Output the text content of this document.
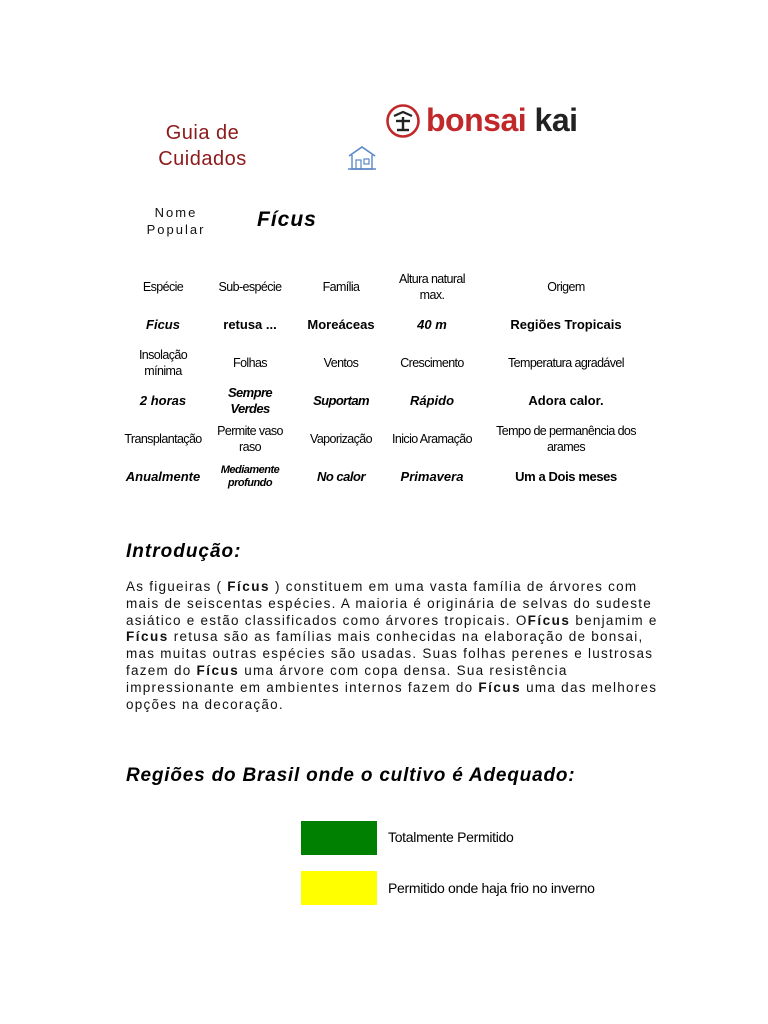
Guia de
Cuidados
bonsai kai
Nome
Popular	Fícus
Espécie	Sub-espécie	Família	Altura natural max.	Origem
Ficus	retusa ...	Moreáceas	40 m	Regiões Tropicais
Insolação mínima	Folhas	Ventos	Crescimento	Temperatura agradável
2 horas	Sempre Verdes	Suportam	Rápido	Adora calor.
Transplantação	Permite vaso raso	Vaporização	Inicio Aramação	Tempo de permanência dos arames
Anualmente	Mediamente profundo	No calor	Primavera	Um a Dois meses
Introdução:
As figueiras ( Fícus ) constituem em uma vasta família de árvores com mais de seiscentas espécies. A maioria é originária de selvas do sudeste asiático e estão classificados como árvores tropicais. OFícus benjamim e Fícus retusa são as famílias mais conhecidas na elaboração de bonsai, mas muitas outras espécies são usadas. Suas folhas perenes e lustrosas fazem do Fícus uma árvore com copa densa. Sua resistência impressionante em ambientes internos fazem do Fícus uma das melhores opções na decoração.
Regiões do Brasil onde o cultivo é Adequado:
Totalmente Permitido
Permitido onde haja frio no inverno
